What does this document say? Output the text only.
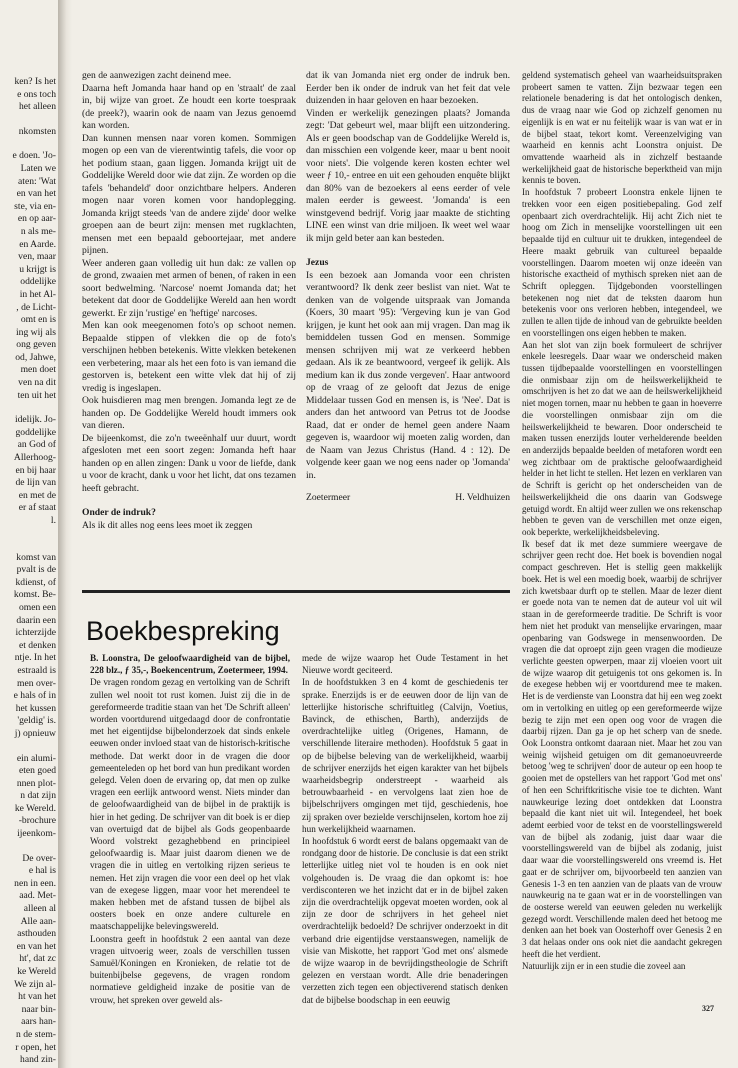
ken? Is het
e ons toch
het alleen
nkomsten
e doen. 'Jo-
Laten we
aten: 'Wat
en van het
ste, via en-
en op aar-
n als me-
en Aarde.
ven, maar
u krijgt is
oddelijke
in het Al-
, de Licht-
omt en is
ing wij als
ong geven
od, Jahwe,
men doet
ven na dit
ten uit het
idelijk. Jo-
goddelijke
an God of
Allerhoog-
en bij haar
de lijn van
en met de
er af staat
l.
komst van
pvalt is de
kdienst, of
komst. Be-
omen een
daarin een
ichterzijde
et denken
ntje. In het
estraald is
men over-
e hals of in
het kussen
'geldig' is.
j) opnieuw
ein alumi-
eten goed
nnen plot-
n dat zijn
ke Wereld.
-brochure
ijeenkom-
De over-
e hal is
nen in een.
aad. Met-
alleen al
Alle aan-
asthouden
en van het
ht', dat zc
ke Wereld
We zijn al-
ht van het
naar bin-
aars han-
n de stem-
r open, het
hand zin-

gen de aanwezigen zacht deinend mee.

Daarna heft Jomanda haar hand op en 'straalt' de zaal in, bij wijze van groet. Ze houdt een korte toespraak (de preek?), waarin ook de naam van Jezus genoemd kan worden.

Dan kunnen mensen naar voren komen. Sommigen mogen op een van de vierentwintig tafels, die voor op het podium staan, gaan liggen. Jomanda krijgt uit de Goddelijke Wereld door wie dat zijn. Ze worden op die tafels 'behandeld' door onzichtbare helpers. Anderen mogen naar voren komen voor handoplegging. Jomanda krijgt steeds 'van de andere zijde' door welke groepen aan de beurt zijn: mensen met rugklachten, mensen met een bepaald geboortejaar, met andere pijnen.

Weer anderen gaan volledig uit hun dak: ze vallen op de grond, zwaaien met armen of benen, of raken in een soort bedwelming. 'Narcose' noemt Jomanda dat; het betekent dat door de Goddelijke Wereld aan hen wordt gewerkt. Er zijn 'rustige' en 'heftige' narcoses.

Men kan ook meegenomen foto's op schoot nemen. Bepaalde stippen of vlekken die op de foto's verschijnen hebben betekenis. Witte vlekken betekenen een verbetering, maar als het een foto is van iemand die gestorven is, betekent een witte vlek dat hij of zij vredig is ingeslapen.

Ook huisdieren mag men brengen. Jomanda legt ze de handen op. De Goddelijke Wereld houdt immers ook van dieren.

De bijeenkomst, die zo'n tweeënhalf uur duurt, wordt afgesloten met een soort zegen: Jomanda heft haar handen op en allen zingen: Dank u voor de liefde, dank u voor de kracht, dank u voor het licht, dat ons tezamen heeft gebracht.

Onder de indruk?

Als ik dit alles nog eens lees moet ik zeggen

dat ik van Jomanda niet erg onder de indruk ben. Eerder ben ik onder de indruk van het feit dat vele duizenden in haar geloven en haar bezoeken.

Vinden er werkelijk genezingen plaats? Jomanda zegt: 'Dat gebeurt wel, maar blijft een uitzondering. Als er geen boodschap van de Goddelijke Wereld is, dan misschien een volgende keer, maar u bent nooit voor niets'. Die volgende keren kosten echter wel weer ƒ 10,- entree en uit een gehouden enquête blijkt dan 80% van de bezoekers al eens eerder of vele malen eerder is geweest. 'Jomanda' is een winstgevend bedrijf. Vorig jaar maakte de stichting LINE een winst van drie miljoen. Ik weet wel waar ik mijn geld beter aan kan besteden.

Jezus

Is een bezoek aan Jomanda voor een christen verantwoord? Ik denk zeer beslist van niet. Wat te denken van de volgende uitspraak van Jomanda (Koers, 30 maart '95): 'Vergeving kun je van God krijgen, je kunt het ook aan mij vragen. Dan mag ik bemiddelen tussen God en mensen. Sommige mensen schrijven mij wat ze verkeerd hebben gedaan. Als ik ze beantwoord, vergeef ik gelijk. Als medium kan ik dus zonde vergeven'. Haar antwoord op de vraag of ze gelooft dat Jezus de enige Middelaar tussen God en mensen is, is 'Nee'. Dat is anders dan het antwoord van Petrus tot de Joodse Raad, dat er onder de hemel geen andere Naam gegeven is, waardoor wij moeten zalig worden, dan de Naam van Jezus Christus (Hand. 4 : 12). De volgende keer gaan we nog eens nader op 'Jomanda' in.

Zoetermeer	H. Veldhuizen
Boekbespreking

B. Loonstra, De geloofwaardigheid van de bijbel, 228 blz., ƒ 35,-, Boekencentrum, Zoetermeer, 1994.

De vragen rondom gezag en vertolking van de Schrift zullen wel nooit tot rust komen. Juist zij die in de gereformeerde traditie staan van het 'De Schrift alleen' worden voortdurend uitgedaagd door de confrontatie met het eigentijdse bijbelonderzoek dat sinds enkele eeuwen onder invloed staat van de historisch-kritische methode. Dat werkt door in de vragen die door gemeenteleden op het bord van hun predikant worden gelegd. Velen doen de ervaring op, dat men op zulke vragen een eerlijk antwoord wenst. Niets minder dan de geloofwaardigheid van de bijbel in de praktijk is hier in het geding. De schrijver van dit boek is er diep van overtuigd dat de bijbel als Gods geopenbaarde Woord volstrekt gezaghebbend en principieel geloofwaardig is. Maar juist daarom dienen we de vragen die in uitleg en vertolking rijzen serieus te nemen. Het zijn vragen die voor een deel op het vlak van de exegese liggen, maar voor het merendeel te maken hebben met de afstand tussen de bijbel als oosters boek en onze andere culturele en maatschappelijke belevingswereld.

Loonstra geeft in hoofdstuk 2 een aantal van deze vragen uitvoerig weer, zoals de verschillen tussen Samuël/Koningen en Kronieken, de relatie tot de buitenbijbelse gegevens, de vragen rondom normatieve geldigheid inzake de positie van de vrouw, het spreken over geweld als-

mede de wijze waarop het Oude Testament in het Nieuwe wordt geciteerd.

In de hoofdstukken 3 en 4 komt de geschiedenis ter sprake. Enerzijds is er de eeuwen door de lijn van de letterlijke historische schriftuitleg (Calvijn, Voetius, Bavinck, de ethischen, Barth), anderzijds de overdrachtelijke uitleg (Origenes, Hamann, de verschillende literaire methoden). Hoofdstuk 5 gaat in op de bijbelse beleving van de werkelijkheid, waarbij de schrijver enerzijds het eigen karakter van het bijbels waarheidsbegrip onderstreept - waarheid als betrouwbaarheid - en vervolgens laat zien hoe de bijbelschrijvers omgingen met tijd, geschiedenis, hoe zij spraken over bezielde verschijnselen, kortom hoe zij hun werkelijkheid waarnamen.

In hoofdstuk 6 wordt eerst de balans opgemaakt van de rondgang door de historie. De conclusie is dat een strikt letterlijke uitleg niet vol te houden is en ook niet volgehouden is. De vraag die dan opkomt is: hoe verdisconteren we het inzicht dat er in de bijbel zaken zijn die overdrachtelijk opgevat moeten worden, ook al zijn ze door de schrijvers in het geheel niet overdrachtelijk bedoeld? De schrijver onderzoekt in dit verband drie eigentijdse verstaanswegen, namelijk de visie van Miskotte, het rapport 'God met ons' alsmede de wijze waarop in de bevrijdingstheologie de Schrift gelezen en verstaan wordt. Alle drie benaderingen verzetten zich tegen een objectiverend statisch denken dat de bijbelse boodschap in een eeuwig

geldend systematisch geheel van waarheidsuitspraken probeert samen te vatten. Zijn bezwaar tegen een relationele benadering is dat het ontologisch denken, dus de vraag naar wie God op zichzelf genomen nu eigenlijk is en wat er nu feitelijk waar is van wat er in de bijbel staat, tekort komt. Vereenzelviging van waarheid en kennis acht Loonstra onjuist. De omvattende waarheid als in zichzelf bestaande werkelijkheid gaat de historische beperktheid van mijn kennis te boven.

In hoofdstuk 7 probeert Loonstra enkele lijnen te trekken voor een eigen positiebepaling. God zelf openbaart zich overdrachtelijk. Hij acht Zich niet te hoog om Zich in menselijke voorstellingen uit een bepaalde tijd en cultuur uit te drukken, integendeel de Heere maakt gebruik van cultureel bepaalde voorstellingen. Daarom moeten wij onze ideeën van historische exactheid of mythisch spreken niet aan de Schrift opleggen. Tijdgebonden voorstellingen betekenen nog niet dat de teksten daarom hun betekenis voor ons verloren hebben, integendeel, we zullen te allen tijde de inhoud van de gebruikte beelden en voorstellingen ons eigen hebben te maken.

Aan het slot van zijn boek formuleert de schrijver enkele leesregels. Daar waar we onderscheid maken tussen tijdbepaalde voorstellingen en voorstellingen die onmisbaar zijn om de heilswerkelijkheid te omschrijven is het zo dat we aan de heilswerkelijkheid niet mogen tornen, maar nu hebben te gaan in hoeverre die voorstellingen onmisbaar zijn om die heilswerkelijkheid te bewaren. Door onderscheid te maken tussen enerzijds louter verhelderende beelden en anderzijds bepaalde beelden of metaforen wordt een weg zichtbaar om de praktische geloofwaardigheid helder in het licht te stellen. Het lezen en verklaren van de Schrift is gericht op het onderscheiden van de heilswerkelijkheid die ons daarin van Godswege getuigd wordt. En altijd weer zullen we ons rekenschap hebben te geven van de verschillen met onze eigen, ook beperkte, werkelijkheidsbeleving.

Ik besef dat ik met deze summiere weergave de schrijver geen recht doe. Het boek is bovendien nogal compact geschreven. Het is stellig geen makkelijk boek. Het is wel een moedig boek, waarbij de schrijver zich kwetsbaar durft op te stellen. Maar de lezer dient er goede nota van te nemen dat de auteur vol uit wil staan in de gereformeerde traditie. De Schrift is voor hem niet het produkt van menselijke ervaringen, maar openbaring van Godswege in mensenwoorden. De vragen die dat oproept zijn geen vragen die modieuze verlichte geesten opwerpen, maar zij vloeien voort uit de wijze waarop dit getuigenis tot ons gekomen is. In de exegese hebben wij er voortdurend mee te maken. Het is de verdienste van Loonstra dat hij een weg zoekt om in vertolking en uitleg op een gereformeerde wijze bezig te zijn met een open oog voor de vragen die daarbij rijzen. Dan ga je op het scherp van de snede. Ook Loonstra ontkomt daaraan niet. Maar het zou van weinig wijsheid getuigen om dit gemanoeuvreerde betoog 'weg te schrijven' door de auteur op een hoop te gooien met de opstellers van het rapport 'God met ons' of hen een Schriftkritische visie toe te dichten. Want nauwkeurige lezing doet ontdekken dat Loonstra bepaald die kant niet uit wil. Integendeel, het boek ademt eerbied voor de tekst en de voorstellingswereld van de bijbel als zodanig, juist daar waar die voorstellingswereld van de bijbel als zodanig, juist daar waar die voorstellingswereld ons vreemd is. Het gaat er de schrijver om, bijvoorbeeld ten aanzien van Genesis 1-3 en ten aanzien van de plaats van de vrouw nauwkeurig na te gaan wat er in de voorstellingen van de oosterse wereld van eeuwen geleden nu werkelijk gezegd wordt. Verschillende malen deed het betoog me denken aan het boek van Oosterhoff over Genesis 2 en 3 dat helaas onder ons ook niet die aandacht gekregen heeft die het verdient.

Natuurlijk zijn er in een studie die zoveel aan

327
